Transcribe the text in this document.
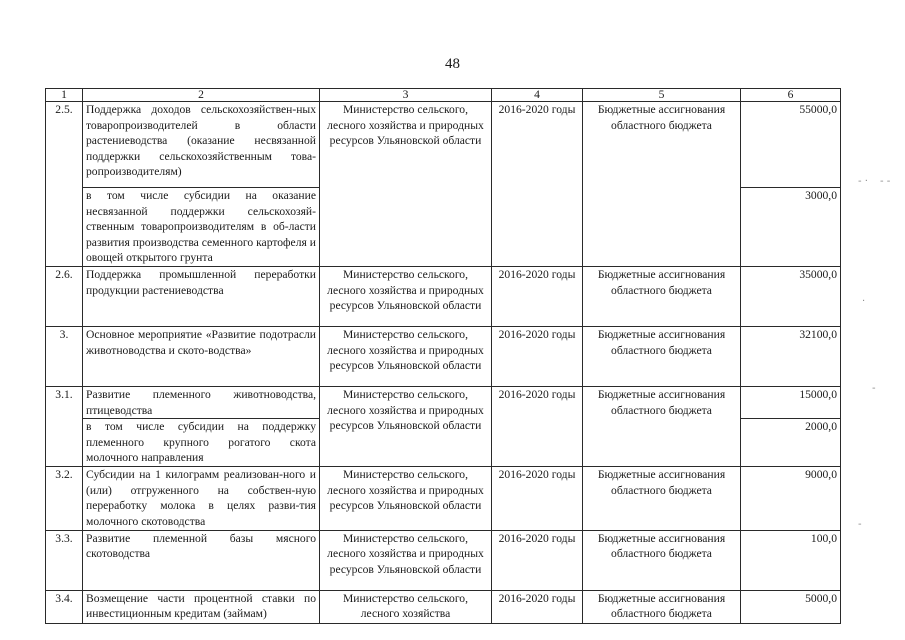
48
1	2	3	4	5	6
2.5.	Поддержка доходов сельскохозяйствен-ных товаропроизводителей в области растениеводства (оказание несвязанной поддержки сельскохозяйственным това-ропроизводителям)	Министерство сельского, лесного хозяйства и природных ресурсов Ульяновской области	2016-2020 годы	Бюджетные ассигнования областного бюджета	55000,0
	в том числе субсидии на оказание несвязанной поддержки сельскохозяй-ственным товаропроизводителям в об-ласти развития производства семенного картофеля и овощей открытого грунта				3000,0
2.6.	Поддержка промышленной переработки продукции растениеводства	Министерство сельского, лесного хозяйства и природных ресурсов Ульяновской области	2016-2020 годы	Бюджетные ассигнования областного бюджета	35000,0
3.	Основное мероприятие «Развитие подотрасли животноводства и ското-водства»	Министерство сельского, лесного хозяйства и природных ресурсов Ульяновской области	2016-2020 годы	Бюджетные ассигнования областного бюджета	32100,0
3.1.	Развитие племенного животноводства, птицеводства	Министерство сельского, лесного хозяйства и природных ресурсов Ульяновской области	2016-2020 годы	Бюджетные ассигнования областного бюджета	15000,0
	в том числе субсидии на поддержку племенного крупного рогатого скота молочного направления				2000,0
3.2.	Субсидии на 1 килограмм реализован-ного и (или) отгруженного на собствен-ную переработку молока в целях разви-тия молочного скотоводства	Министерство сельского, лесного хозяйства и природных ресурсов Ульяновской области	2016-2020 годы	Бюджетные ассигнования областного бюджета	9000,0
3.3.	Развитие племенной базы мясного скотоводства	Министерство сельского, лесного хозяйства и природных ресурсов Ульяновской области	2016-2020 годы	Бюджетные ассигнования областного бюджета	100,0
3.4.	Возмещение части процентной ставки по инвестиционным кредитам (займам)	Министерство сельского, лесного хозяйства	2016-2020 годы	Бюджетные ассигнования областного бюджета	5000,0
- · - -
·
-
-
